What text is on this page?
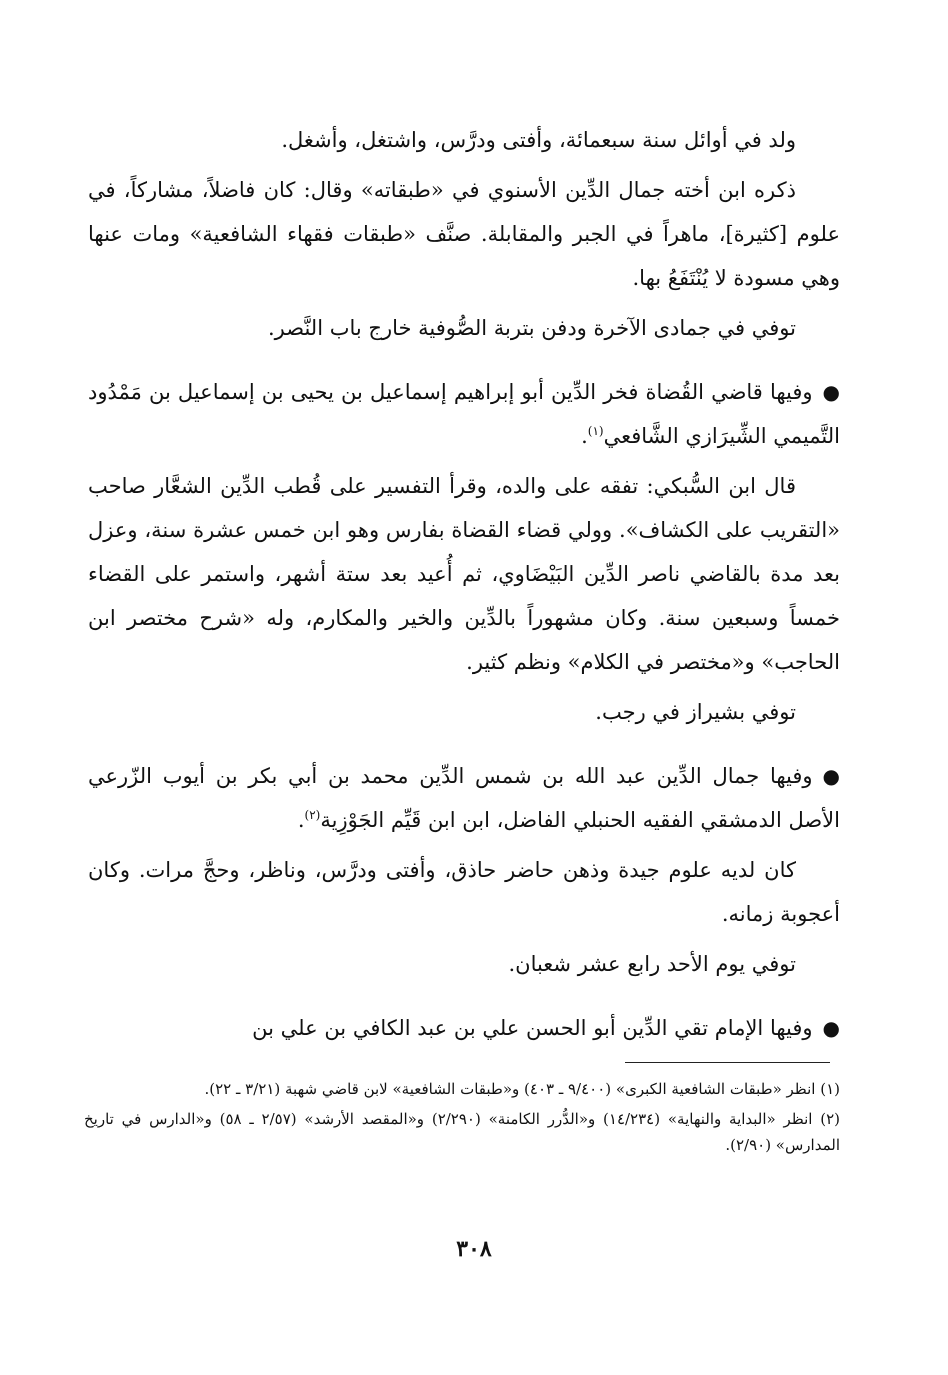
ولد في أوائل سنة سبعمائة، وأفتى ودرَّس، واشتغل، وأشغل.

ذكره ابن أخته جمال الدِّين الأسنوي في «طبقاته» وقال: كان فاضلاً، مشاركاً، في علوم [كثيرة]، ماهراً في الجبر والمقابلة. صنَّف «طبقات فقهاء الشافعية» ومات عنها وهي مسودة لا يُنْتَفَعُ بها.

توفي في جمادى الآخرة ودفن بتربة الصُّوفية خارج باب النَّصر.

●وفيها قاضي القُضاة فخر الدِّين أبو إبراهيم إسماعيل بن يحيى بن إسماعيل بن مَمْدُود التَّميمي الشِّيرَازي الشَّافعي$^{(١)}$.

قال ابن السُّبكي: تفقه على والده، وقرأ التفسير على قُطب الدِّين الشعَّار صاحب «التقريب على الكشاف». وولي قضاء القضاة بفارس وهو ابن خمس عشرة سنة، وعزل بعد مدة بالقاضي ناصر الدِّين البَيْضَاوي، ثم أُعيد بعد ستة أشهر، واستمر على القضاء خمساً وسبعين سنة. وكان مشهوراً بالدِّين والخير والمكارم، وله «شرح مختصر ابن الحاجب» و«مختصر في الكلام» ونظم كثير.

توفي بشيراز في رجب.

●وفيها جمال الدِّين عبد الله بن شمس الدِّين محمد بن أبي بكر بن أيوب الزّرعي الأصل الدمشقي الفقيه الحنبلي الفاضل، ابن ابن قَيِّم الجَوْزِية$^{(٢)}$.

كان لديه علوم جيدة وذهن حاضر حاذق، وأفتى ودرَّس، وناظر، وحجَّ مرات. وكان أعجوبة زمانه.

توفي يوم الأحد رابع عشر شعبان.

●وفيها الإمام تقي الدِّين أبو الحسن علي بن عبد الكافي بن علي بن

(١) انظر «طبقات الشافعية الكبرى» (٩/٤٠٠ ـ ٤٠٣) و«طبقات الشافعية» لابن قاضي شهبة (٣/٢١ ـ ٢٢).

(٢) انظر «البداية والنهاية» (١٤/٢٣٤) و«الدُّرر الكامنة» (٢/٢٩٠) و«المقصد الأرشد» (٢/٥٧ ـ ٥٨) و«الدارس في تاريخ المدارس» (٢/٩٠).

٣٠٨
